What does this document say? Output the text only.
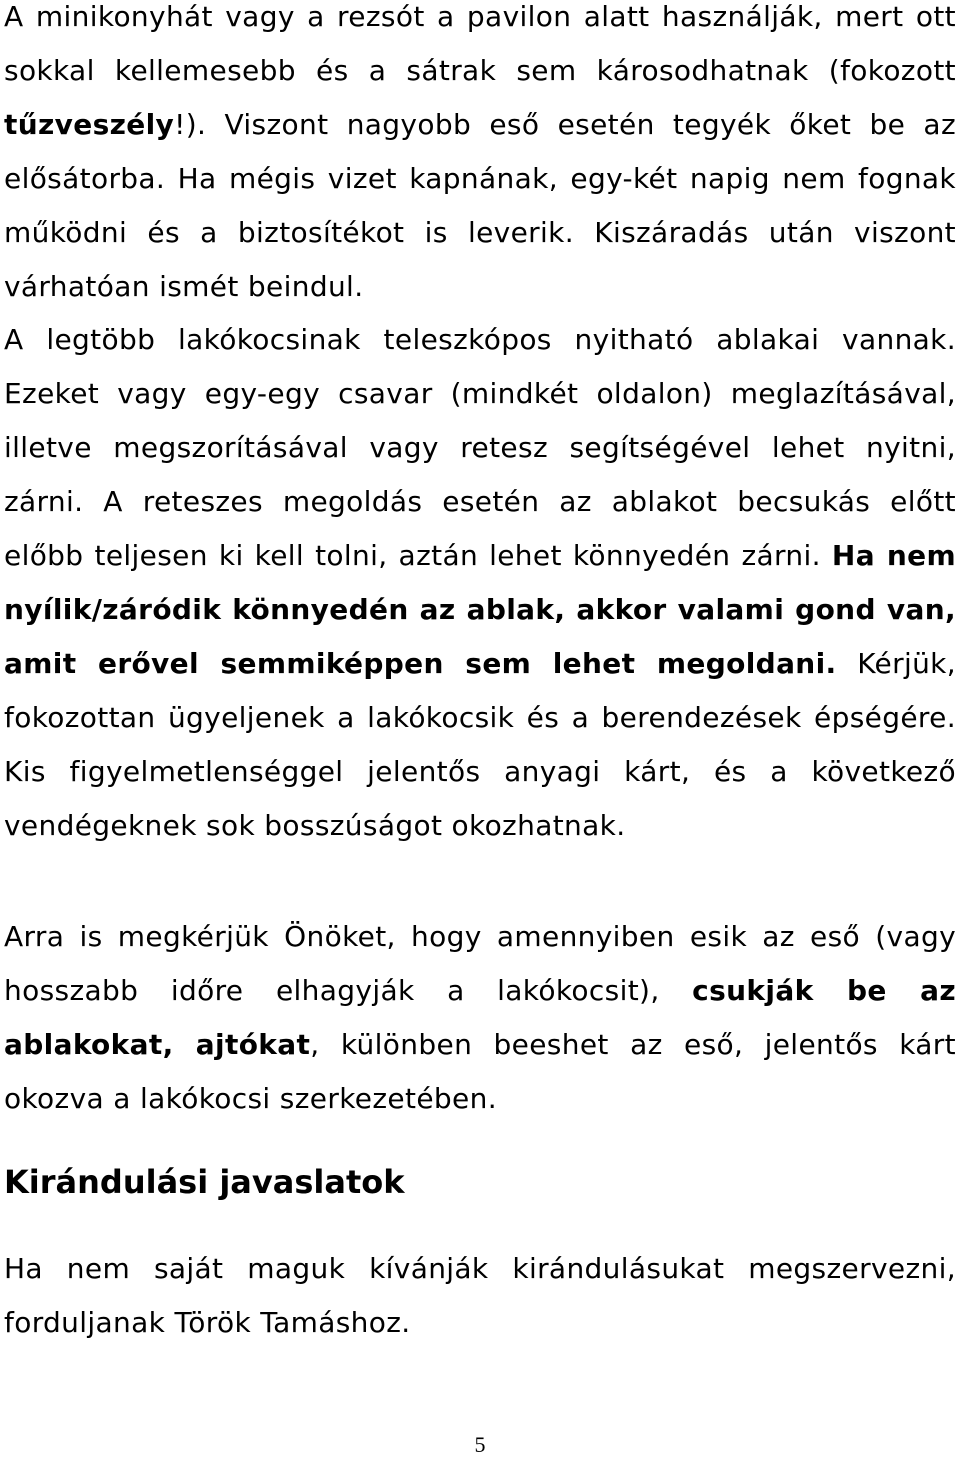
A minikonyhát vagy a rezsót a pavilon alatt használják, mert ott sokkal kellemesebb és a sátrak sem károsodhatnak (fokozott tűzveszély!). Viszont nagyobb eső esetén tegyék őket be az elősátorba. Ha mégis vizet kapnának, egy-két napig nem fognak működni és a biztosítékot is leverik. Kiszáradás után viszont várhatóan ismét beindul.

A legtöbb lakókocsinak teleszkópos nyitható ablakai vannak. Ezeket vagy egy-egy csavar (mindkét oldalon) meglazításával, illetve megszorításával vagy retesz segítségével lehet nyitni, zárni. A reteszes megoldás esetén az ablakot becsukás előtt előbb teljesen ki kell tolni, aztán lehet könnyedén zárni. Ha nem nyílik/záródik könnyedén az ablak, akkor valami gond van, amit erővel semmiképpen sem lehet megoldani. Kérjük, fokozottan ügyeljenek a lakókocsik és a berendezések épségére. Kis figyelmetlenséggel jelentős anyagi kárt, és a következő vendégeknek sok bosszúságot okozhatnak.

Arra is megkérjük Önöket, hogy amennyiben esik az eső (vagy hosszabb időre elhagyják a lakókocsit), csukják be az ablakokat, ajtókat, különben beeshet az eső, jelentős kárt okozva a lakókocsi szerkezetében.

Kirándulási javaslatok

Ha nem saját maguk kívánják kirándulásukat megszervezni, forduljanak Török Tamáshoz.

5
